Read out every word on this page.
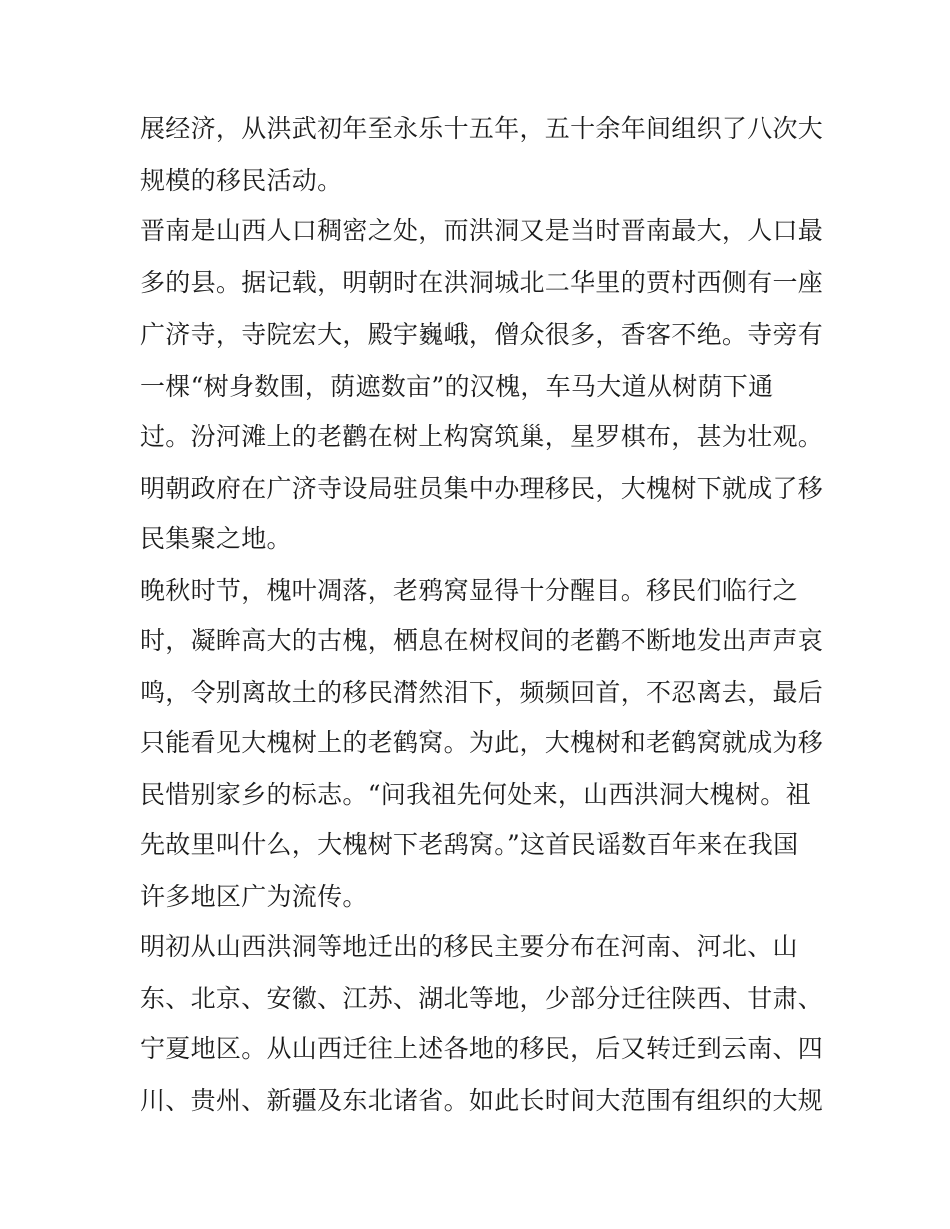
展经济，从洪武初年至永乐十五年，五十余年间组织了八次大
规模的移民活动。
晋南是山西人口稠密之处，而洪洞又是当时晋南最大，人口最
多的县。据记载，明朝时在洪洞城北二华里的贾村西侧有一座
广济寺，寺院宏大，殿宇巍峨，僧众很多，香客不绝。寺旁有
一棵“树身数围，荫遮数亩”的汉槐，车马大道从树荫下通
过。汾河滩上的老鹳在树上构窝筑巢，星罗棋布，甚为壮观。
明朝政府在广济寺设局驻员集中办理移民，大槐树下就成了移
民集聚之地。
晚秋时节，槐叶凋落，老鸦窝显得十分醒目。移民们临行之
时，凝眸高大的古槐，栖息在树杈间的老鹳不断地发出声声哀
鸣，令别离故土的移民潸然泪下，频频回首，不忍离去，最后
只能看见大槐树上的老鹤窝。为此，大槐树和老鹤窝就成为移
民惜别家乡的标志。“问我祖先何处来，山西洪洞大槐树。祖
先故里叫什么，大槐树下老鸹窝。”这首民谣数百年来在我国
许多地区广为流传。
明初从山西洪洞等地迁出的移民主要分布在河南、河北、山
东、北京、安徽、江苏、湖北等地，少部分迁往陕西、甘肃、
宁夏地区。从山西迁往上述各地的移民，后又转迁到云南、四
川、贵州、新疆及东北诸省。如此长时间大范围有组织的大规
